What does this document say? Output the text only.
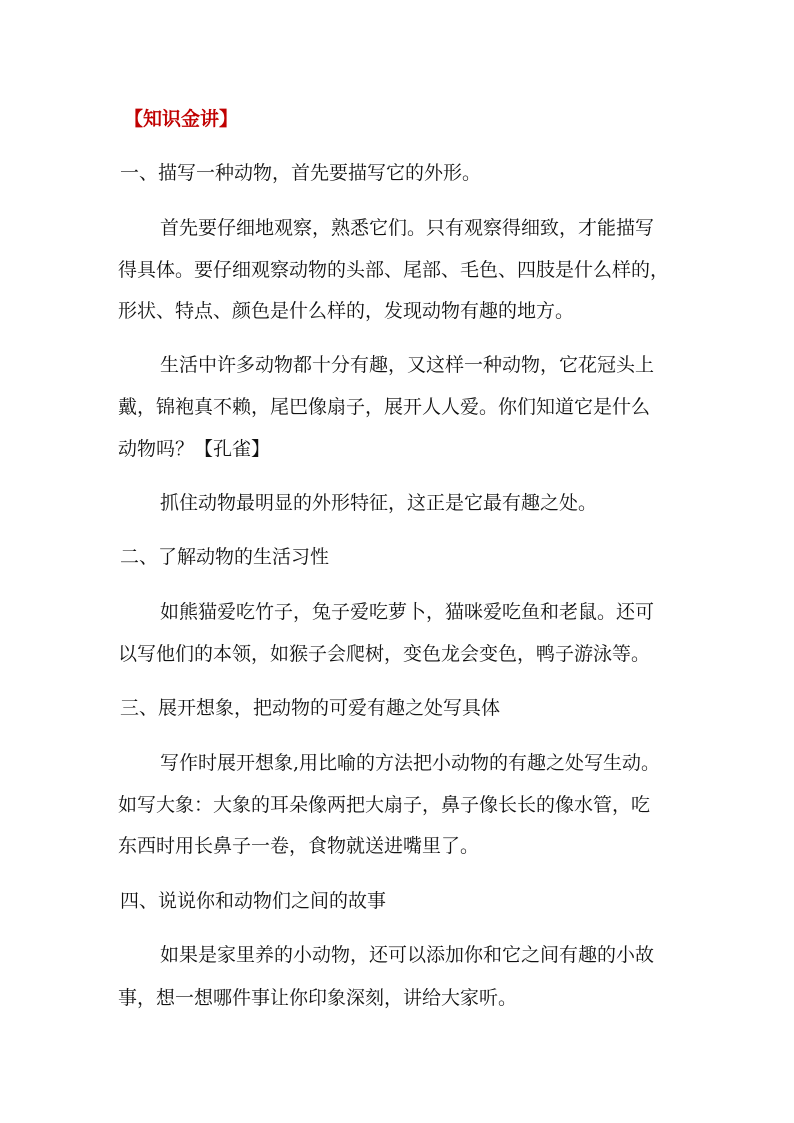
【知识金讲】
一、描写一种动物，首先要描写它的外形。
首先要仔细地观察，熟悉它们。只有观察得细致，才能描写
得具体。要仔细观察动物的头部、尾部、毛色、四肢是什么样的，
形状、特点、颜色是什么样的，发现动物有趣的地方。
生活中许多动物都十分有趣，又这样一种动物，它花冠头上
戴，锦袍真不赖，尾巴像扇子，展开人人爱。你们知道它是什么
动物吗？【孔雀】
抓住动物最明显的外形特征，这正是它最有趣之处。
二、了解动物的生活习性
如熊猫爱吃竹子，兔子爱吃萝卜，猫咪爱吃鱼和老鼠。还可
以写他们的本领，如猴子会爬树，变色龙会变色，鸭子游泳等。
三、展开想象，把动物的可爱有趣之处写具体
写作时展开想象,用比喻的方法把小动物的有趣之处写生动。
如写大象：大象的耳朵像两把大扇子，鼻子像长长的像水管，吃
东西时用长鼻子一卷，食物就送进嘴里了。
四、说说你和动物们之间的故事
如果是家里养的小动物，还可以添加你和它之间有趣的小故
事，想一想哪件事让你印象深刻，讲给大家听。
